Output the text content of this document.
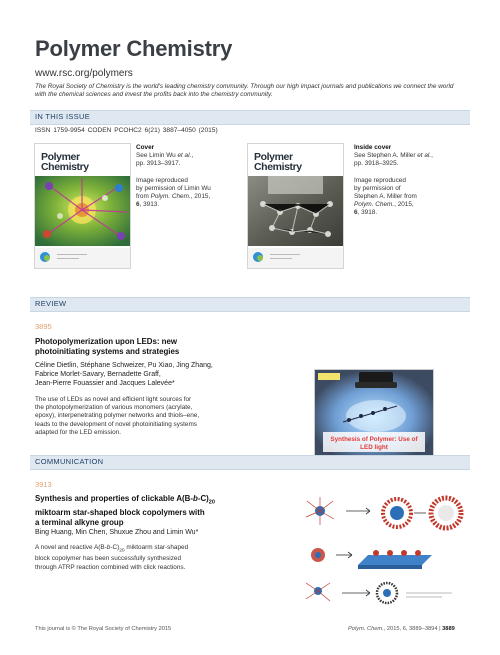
Polymer Chemistry
www.rsc.org/polymers
The Royal Society of Chemistry is the world's leading chemistry community. Through our high impact journals and publications we connect the world with the chemical sciences and invest the profits back into the chemistry community.
IN THIS ISSUE
ISSN 1759-9954 CODEN PCOHC2 6(21) 3887–4050 (2015)
Polymer
Chemistry
Cover
See Limin Wu et al.,
pp. 3913–3917.
Image reproduced
by permission of Limin Wu
from Polym. Chem., 2015,
6, 3913.
Polymer
Chemistry
Inside cover
See Stephen A. Miller et al.,
pp. 3918–3925.
Image reproduced
by permission of
Stephen A. Miller from
Polym. Chem., 2015,
6, 3918.
REVIEW
3895
Photopolymerization upon LEDs: new
photoinitiating systems and strategies
Céline Dietlin, Stéphane Schweizer, Pu Xiao, Jing Zhang,
Fabrice Morlet-Savary, Bernadette Graff,
Jean-Pierre Fouassier and Jacques Lalevée*
The use of LEDs as novel and efficient light sources for
the photopolymerization of various monomers (acrylate,
epoxy), interpenetrating polymer networks and thiols–ene,
leads to the development of novel photoinitiating systems
adapted for the LED emission.
Synthesis of Polymer: Use of
LED light
COMMUNICATION
3913
Synthesis and properties of clickable $A(B-b-C)_{20}$
miktoarm star-shaped block copolymers with
a terminal alkyne group
Bing Huang, Min Chen, Shuxue Zhou and Limin Wu*
A novel and reactive $A(B-b-C)_{20}$ miktoarm star-shaped
block copolymer has been successfully synthesized
through ATRP reaction combined with click reactions.
This journal is © The Royal Society of Chemistry 2015	Polym. Chem., 2015, 6, 3889–3894 | 3889
